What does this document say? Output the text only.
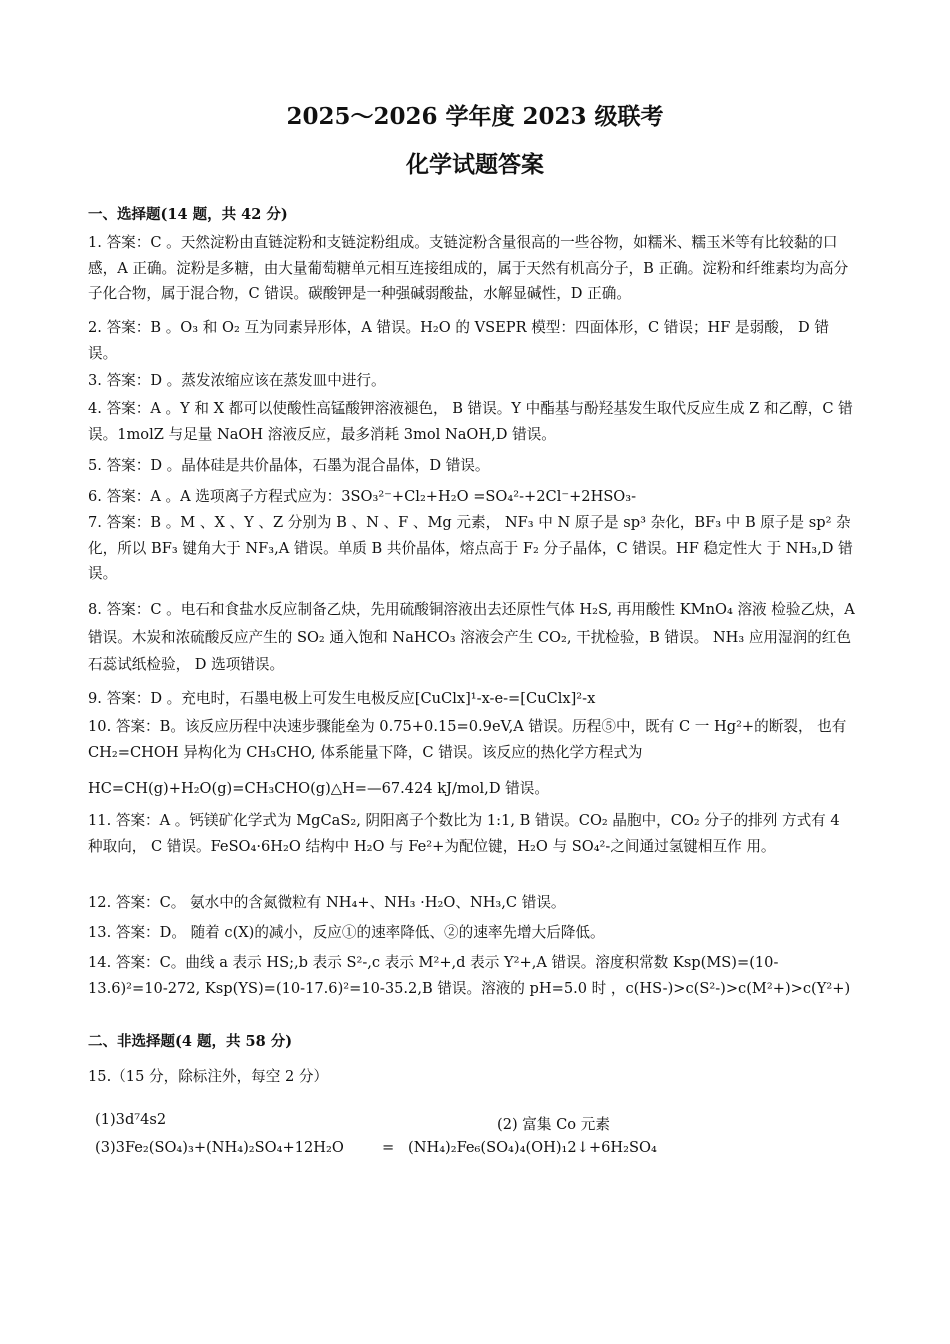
2025～2026 学年度 2023 级联考
化学试题答案
一、选择题(14 题，共 42 分)

1. 答案：C 。天然淀粉由直链淀粉和支链淀粉组成。支链淀粉含量很高的一些谷物，如糯米、糯玉米等有比较黏的口感，A 正确。淀粉是多糖，由大量葡萄糖单元相互连接组成的，属于天然有机高分子，B 正确。淀粉和纤维素均为高分子化合物，属于混合物，C 错误。碳酸钾是一种强碱弱酸盐，水解显碱性，D 正确。

2. 答案：B 。O₃ 和 O₂ 互为同素异形体，A 错误。H₂O 的 VSEPR 模型：四面体形，C 错误；HF 是弱酸， D 错误。

3. 答案：D 。蒸发浓缩应该在蒸发皿中进行。

4. 答案：A 。Y 和 X 都可以使酸性高锰酸钾溶液褪色， B 错误。Y 中酯基与酚羟基发生取代反应生成 Z 和乙醇，C 错误。1molZ 与足量 NaOH 溶液反应，最多消耗 3mol NaOH,D 错误。

5. 答案：D 。晶体硅是共价晶体，石墨为混合晶体，D 错误。

6. 答案：A 。A 选项离子方程式应为：3SO₃²⁻+Cl₂+H₂O =SO₄²-+2Cl⁻+2HSO₃-

7. 答案：B 。M 、X 、Y 、Z 分别为 B 、N 、F 、Mg 元素， NF₃ 中 N 原子是 sp³ 杂化，BF₃ 中 B 原子是 sp² 杂化，所以 BF₃ 键角大于 NF₃,A 错误。单质 B 共价晶体，熔点高于 F₂ 分子晶体，C 错误。HF 稳定性大 于 NH₃,D 错误。

8. 答案：C 。电石和食盐水反应制备乙炔，先用硫酸铜溶液出去还原性气体 H₂S, 再用酸性 KMnO₄ 溶液 检验乙炔，A 错误。木炭和浓硫酸反应产生的 SO₂ 通入饱和 NaHCO₃ 溶液会产生 CO₂, 干扰检验，B 错误。 NH₃ 应用湿润的红色石蕊试纸检验， D 选项错误。

9. 答案：D 。充电时，石墨电极上可发生电极反应[CuClx]¹-x-e-=[CuClx]²-x

10. 答案：B。该反应历程中决速步骤能垒为 0.75+0.15=0.9eV,A 错误。历程⑤中，既有 C 一 Hg²+的断裂， 也有 CH₂=CHOH 异构化为 CH₃CHO, 体系能量下降，C 错误。该反应的热化学方程式为

HC=CH(g)+H₂O(g)=CH₃CHO(g)△H=—67.424 kJ/mol,D 错误。

11. 答案：A 。钙镁矿化学式为 MgCaS₂, 阴阳离子个数比为 1:1, B 错误。CO₂ 晶胞中，CO₂ 分子的排列 方式有 4 种取向， C 错误。FeSO₄·6H₂O 结构中 H₂O 与 Fe²+为配位键，H₂O 与 SO₄²-之间通过氢键相互作 用。

12. 答案：C。 氨水中的含氮微粒有 NH₄+、NH₃ ·H₂O、NH₃,C 错误。

13. 答案：D。 随着 c(X)的减小，反应①的速率降低、②的速率先增大后降低。

14. 答案：C。曲线 a 表示 HS;,b 表示 S²-,c 表示 M²+,d 表示 Y²+,A 错误。溶度积常数 Ksp(MS)=(10-13.6)²=10-272, Ksp(YS)=(10-17.6)²=10-35.2,B 错误。溶液的 pH=5.0 时 ，c(HS-)>c(S²-)>c(M²+)>c(Y²+)

二、非选择题(4 题，共 58 分)
15.（15 分，除标注外，每空 2 分）
(1)3d⁷4s2	(2) 富集 Co 元素
(3)3Fe₂(SO₄)₃+(NH₄)₂SO₄+12H₂O	= (NH₄)₂Fe₆(SO₄)₄(OH)₁2↓+6H₂SO₄
